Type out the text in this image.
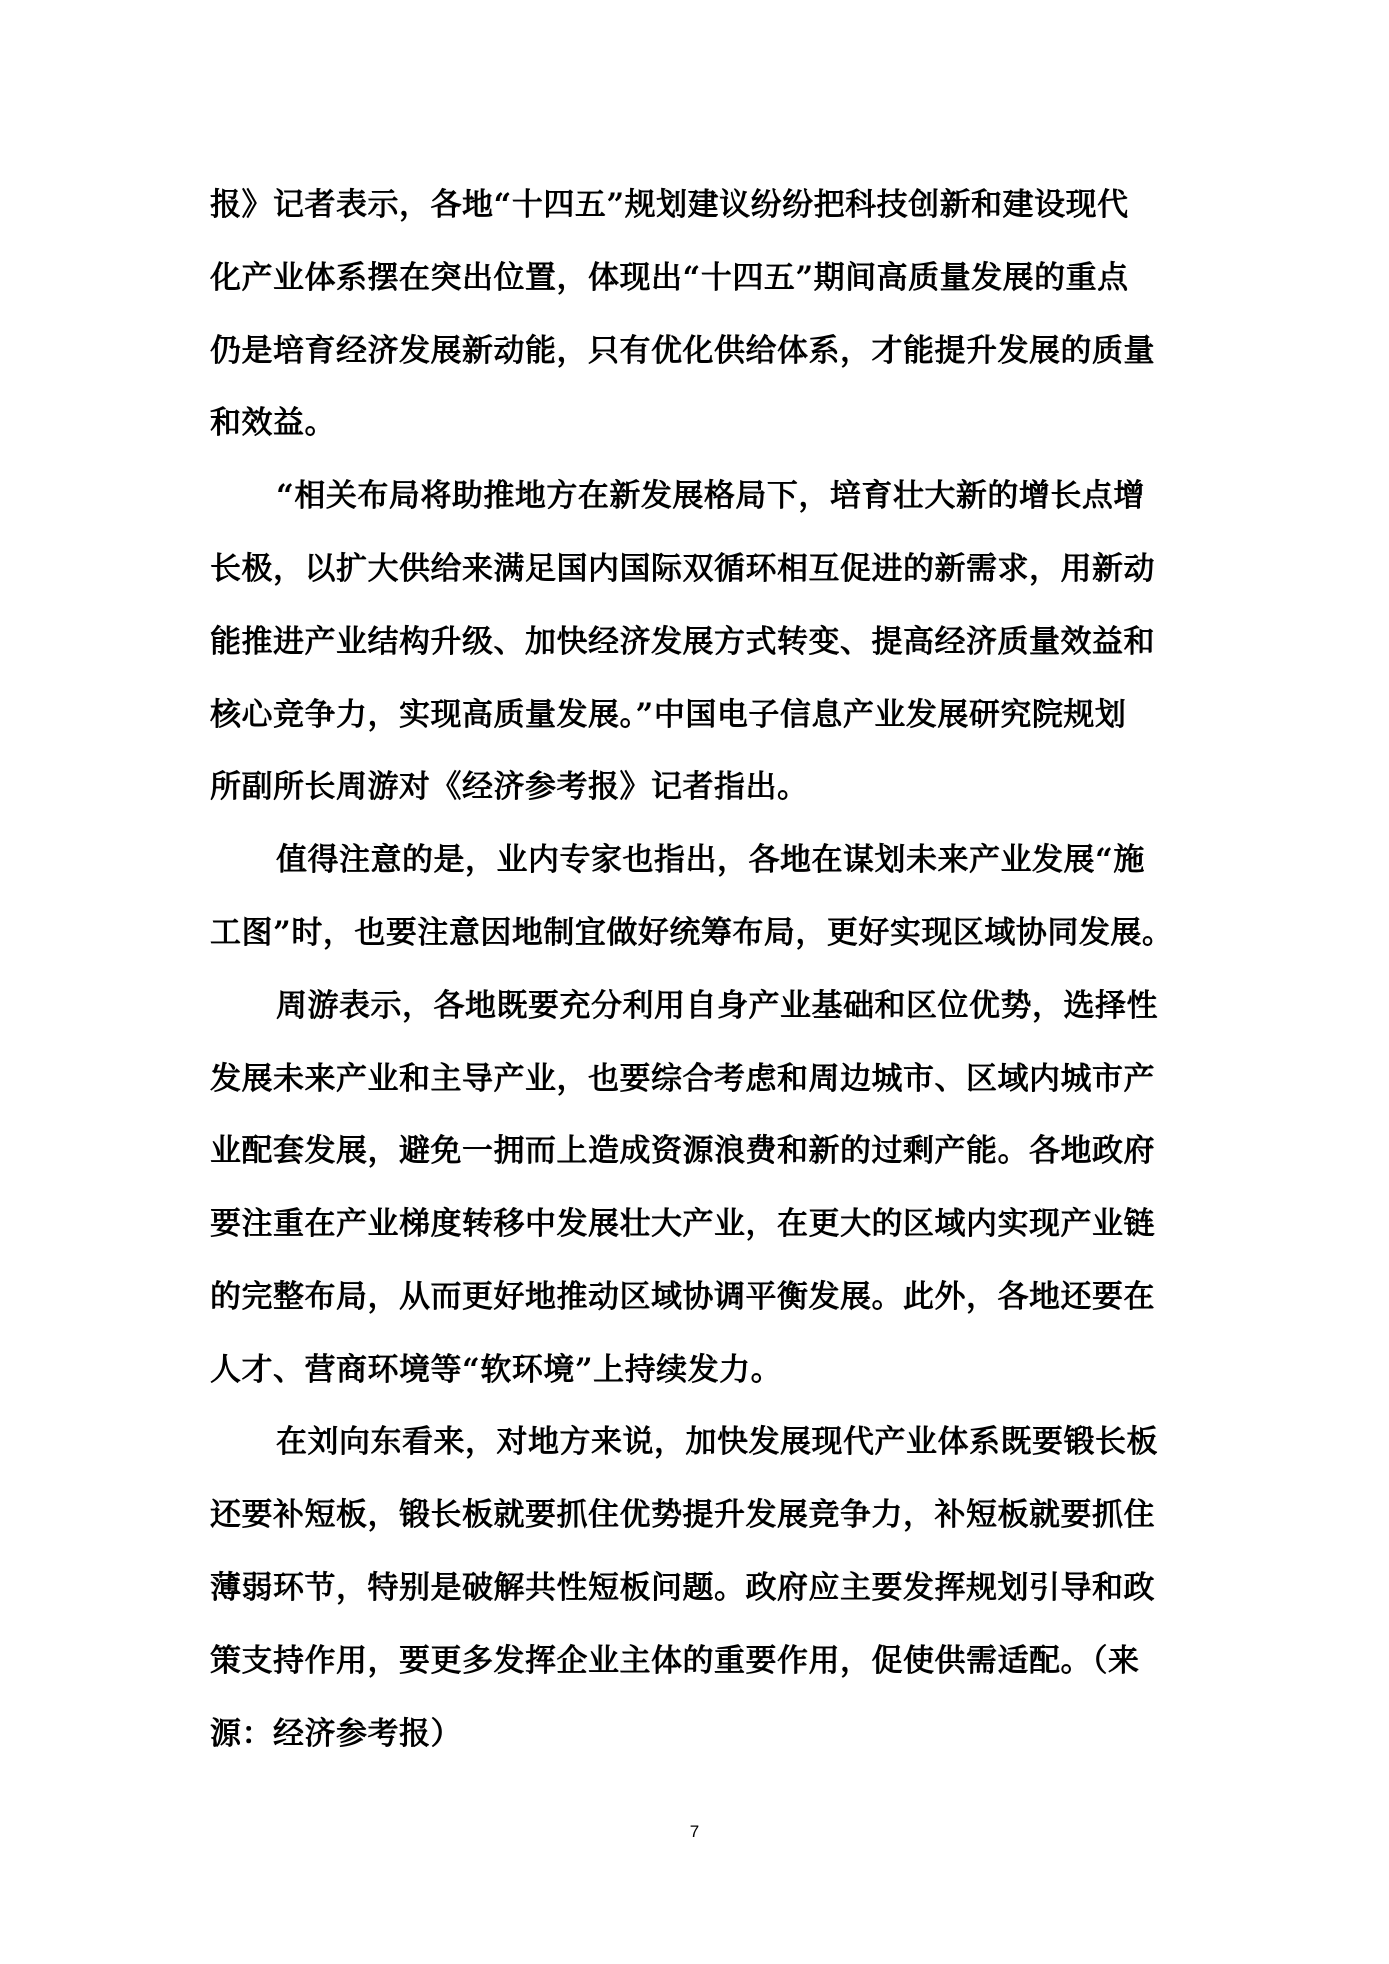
报》记者表示，各地“十四五”规划建议纷纷把科技创新和建设现代
化产业体系摆在突出位置，体现出“十四五”期间高质量发展的重点
仍是培育经济发展新动能，只有优化供给体系，才能提升发展的质量
和效益。
“相关布局将助推地方在新发展格局下，培育壮大新的增长点增
长极，以扩大供给来满足国内国际双循环相互促进的新需求，用新动
能推进产业结构升级、加快经济发展方式转变、提高经济质量效益和
核心竞争力，实现高质量发展。”中国电子信息产业发展研究院规划
所副所长周游对《经济参考报》记者指出。
值得注意的是，业内专家也指出，各地在谋划未来产业发展“施
工图”时，也要注意因地制宜做好统筹布局，更好实现区域协同发展。
周游表示，各地既要充分利用自身产业基础和区位优势，选择性
发展未来产业和主导产业，也要综合考虑和周边城市、区域内城市产
业配套发展，避免一拥而上造成资源浪费和新的过剩产能。各地政府
要注重在产业梯度转移中发展壮大产业，在更大的区域内实现产业链
的完整布局，从而更好地推动区域协调平衡发展。此外，各地还要在
人才、营商环境等“软环境”上持续发力。
在刘向东看来，对地方来说，加快发展现代产业体系既要锻长板
还要补短板，锻长板就要抓住优势提升发展竞争力，补短板就要抓住
薄弱环节，特别是破解共性短板问题。政府应主要发挥规划引导和政
策支持作用，要更多发挥企业主体的重要作用，促使供需适配。（来
源：经济参考报）
7
